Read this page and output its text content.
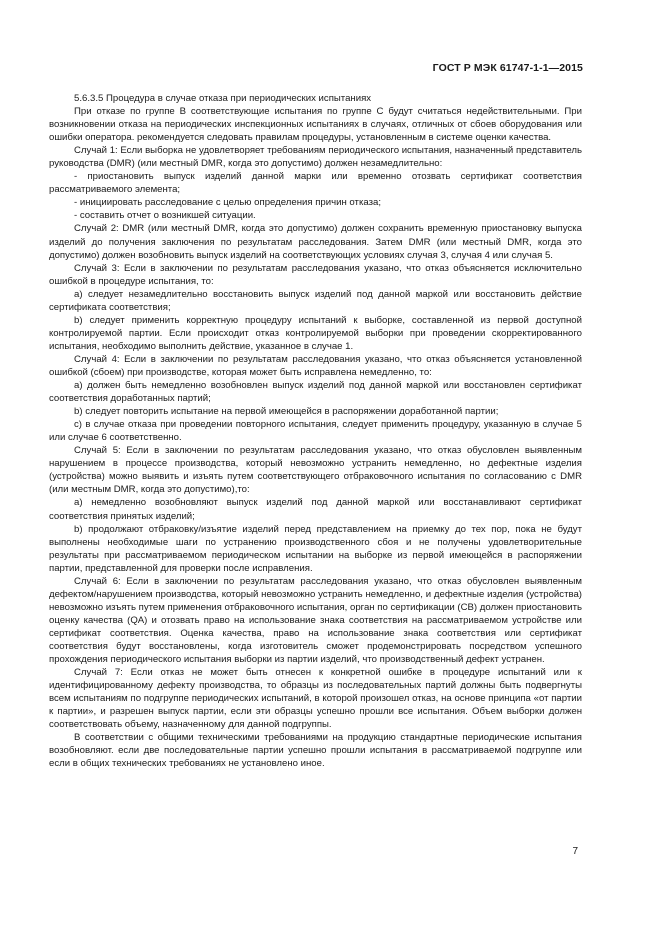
ГОСТ Р МЭК 61747-1-1—2015

5.6.3.5 Процедура в случае отказа при периодических испытаниях

При отказе по группе В соответствующие испытания по группе С будут считаться недействительными. При возникновении отказа на периодических инспекционных испытаниях в случаях, отличных от сбоев оборудования или ошибки оператора. рекомендуется следовать правилам процедуры, установленным в системе оценки качества.

Случай 1: Если выборка не удовлетворяет требованиям периодического испытания, назначенный представитель руководства (DMR) (или местный DMR, когда это допустимо) должен незамедлительно:

- приостановить выпуск изделий данной марки или временно отозвать сертификат соответствия рассматриваемого элемента;

- инициировать расследование с целью определения причин отказа;

- составить отчет о возникшей ситуации.

Случай 2: DMR (или местный DMR, когда это допустимо) должен сохранить временную приостановку выпуска изделий до получения заключения по результатам расследования. Затем DMR (или местный DMR, когда это допустимо) должен возобновить выпуск изделий на соответствующих условиях случая 3, случая 4 или случая 5.

Случай 3: Если в заключении по результатам расследования указано, что отказ объясняется исключительно ошибкой в процедуре испытания, то:

a) следует незамедлительно восстановить выпуск изделий под данной маркой или восстановить действие сертификата соответствия;

b) следует применить корректную процедуру испытаний к выборке, составленной из первой доступной контролируемой партии. Если происходит отказ контролируемой выборки при проведении скорректированного испытания, необходимо выполнить действие, указанное в случае 1.

Случай 4: Если в заключении по результатам расследования указано, что отказ объясняется установленной ошибкой (сбоем) при производстве, которая может быть исправлена немедленно, то:

a) должен быть немедленно возобновлен выпуск изделий под данной маркой или восстановлен сертификат соответствия доработанных партий;

b) следует повторить испытание на первой имеющейся в распоряжении доработанной партии;

c) в случае отказа при проведении повторного испытания, следует применить процедуру, указанную в случае 5 или случае 6 соответственно.

Случай 5: Если в заключении по результатам расследования указано, что отказ обусловлен выявленным нарушением в процессе производства, который невозможно устранить немедленно, но дефектные изделия (устройства) можно выявить и изъять путем соответствующего отбраковочного испытания по согласованию с DMR (или местным DMR, когда это допустимо),то:

a) немедленно возобновляют выпуск изделий под данной маркой или восстанавливают сертификат соответствия принятых изделий;

b) продолжают отбраковку/изъятие изделий перед представлением на приемку до тех пор, пока не будут выполнены необходимые шаги по устранению производственного сбоя и не получены удовлетворительные результаты при рассматриваемом периодическом испытании на выборке из первой имеющейся в распоряжении партии, представленной для проверки после исправления.

Случай 6: Если в заключении по результатам расследования указано, что отказ обусловлен выявленным дефектом/нарушением производства, который невозможно устранить немедленно, и дефектные изделия (устройства) невозможно изъять путем применения отбраковочного испытания, орган по сертификации (CB) должен приостановить оценку качества (QA) и отозвать право на использование знака соответствия на рассматриваемом устройстве или сертификат соответствия. Оценка качества, право на использование знака соответствия или сертификат соответствия будут восстановлены, когда изготовитель сможет продемонстрировать посредством успешного прохождения периодического испытания выборки из партии изделий, что производственный дефект устранен.

Случай 7: Если отказ не может быть отнесен к конкретной ошибке в процедуре испытаний или к идентифицированному дефекту производства, то образцы из последовательных партий должны быть подвергнуты всем испытаниям по подгруппе периодических испытаний, в которой произошел отказ, на основе принципа «от партии к партии», и разрешен выпуск партии, если эти образцы успешно прошли все испытания. Объем выборки должен соответствовать объему, назначенному для данной подгруппы.

В соответствии с общими техническими требованиями на продукцию стандартные периодические испытания возобновляют. если две последовательные партии успешно прошли испытания в рассматриваемой подгруппе или если в общих технических требованиях не установлено иное.

7
